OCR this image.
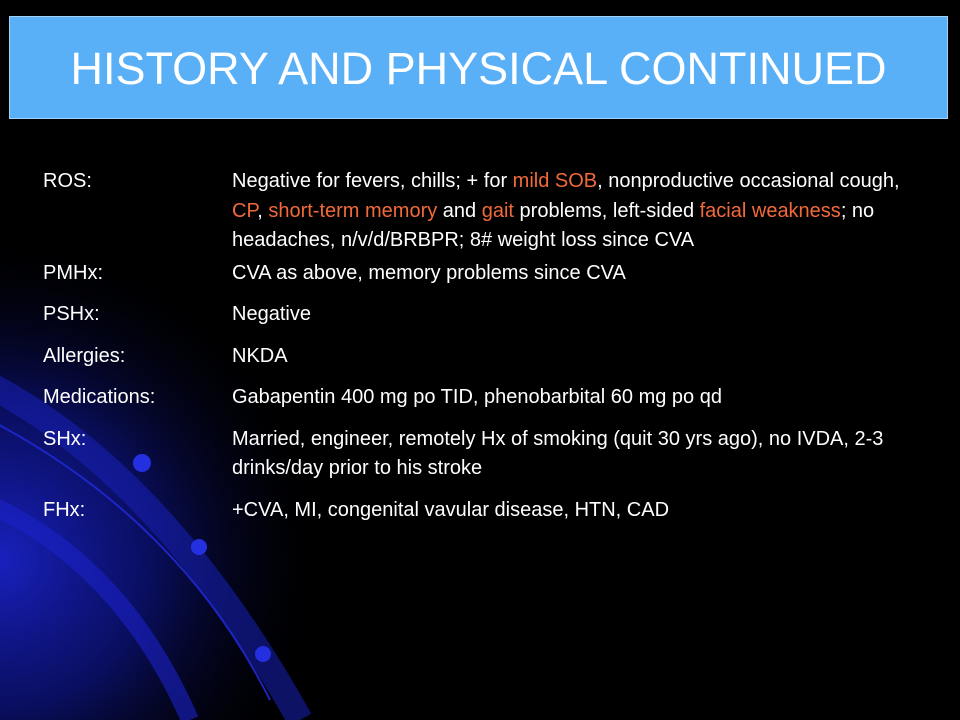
HISTORY AND PHYSICAL CONTINUED
ROS:	Negative for fevers, chills; + for mild SOB, nonproductive occasional cough, CP, short-term memory and gait problems, left-sided facial weakness; no headaches, n/v/d/BRBPR; 8# weight loss since CVA
PMHx:	CVA as above, memory problems since CVA
PSHx:	Negative
Allergies:	NKDA
Medications:	Gabapentin 400 mg po TID, phenobarbital 60 mg po qd
SHx:	Married, engineer, remotely Hx of smoking (quit 30 yrs ago), no IVDA, 2-3 drinks/day prior to his stroke
FHx:	+CVA, MI, congenital vavular disease, HTN, CAD
